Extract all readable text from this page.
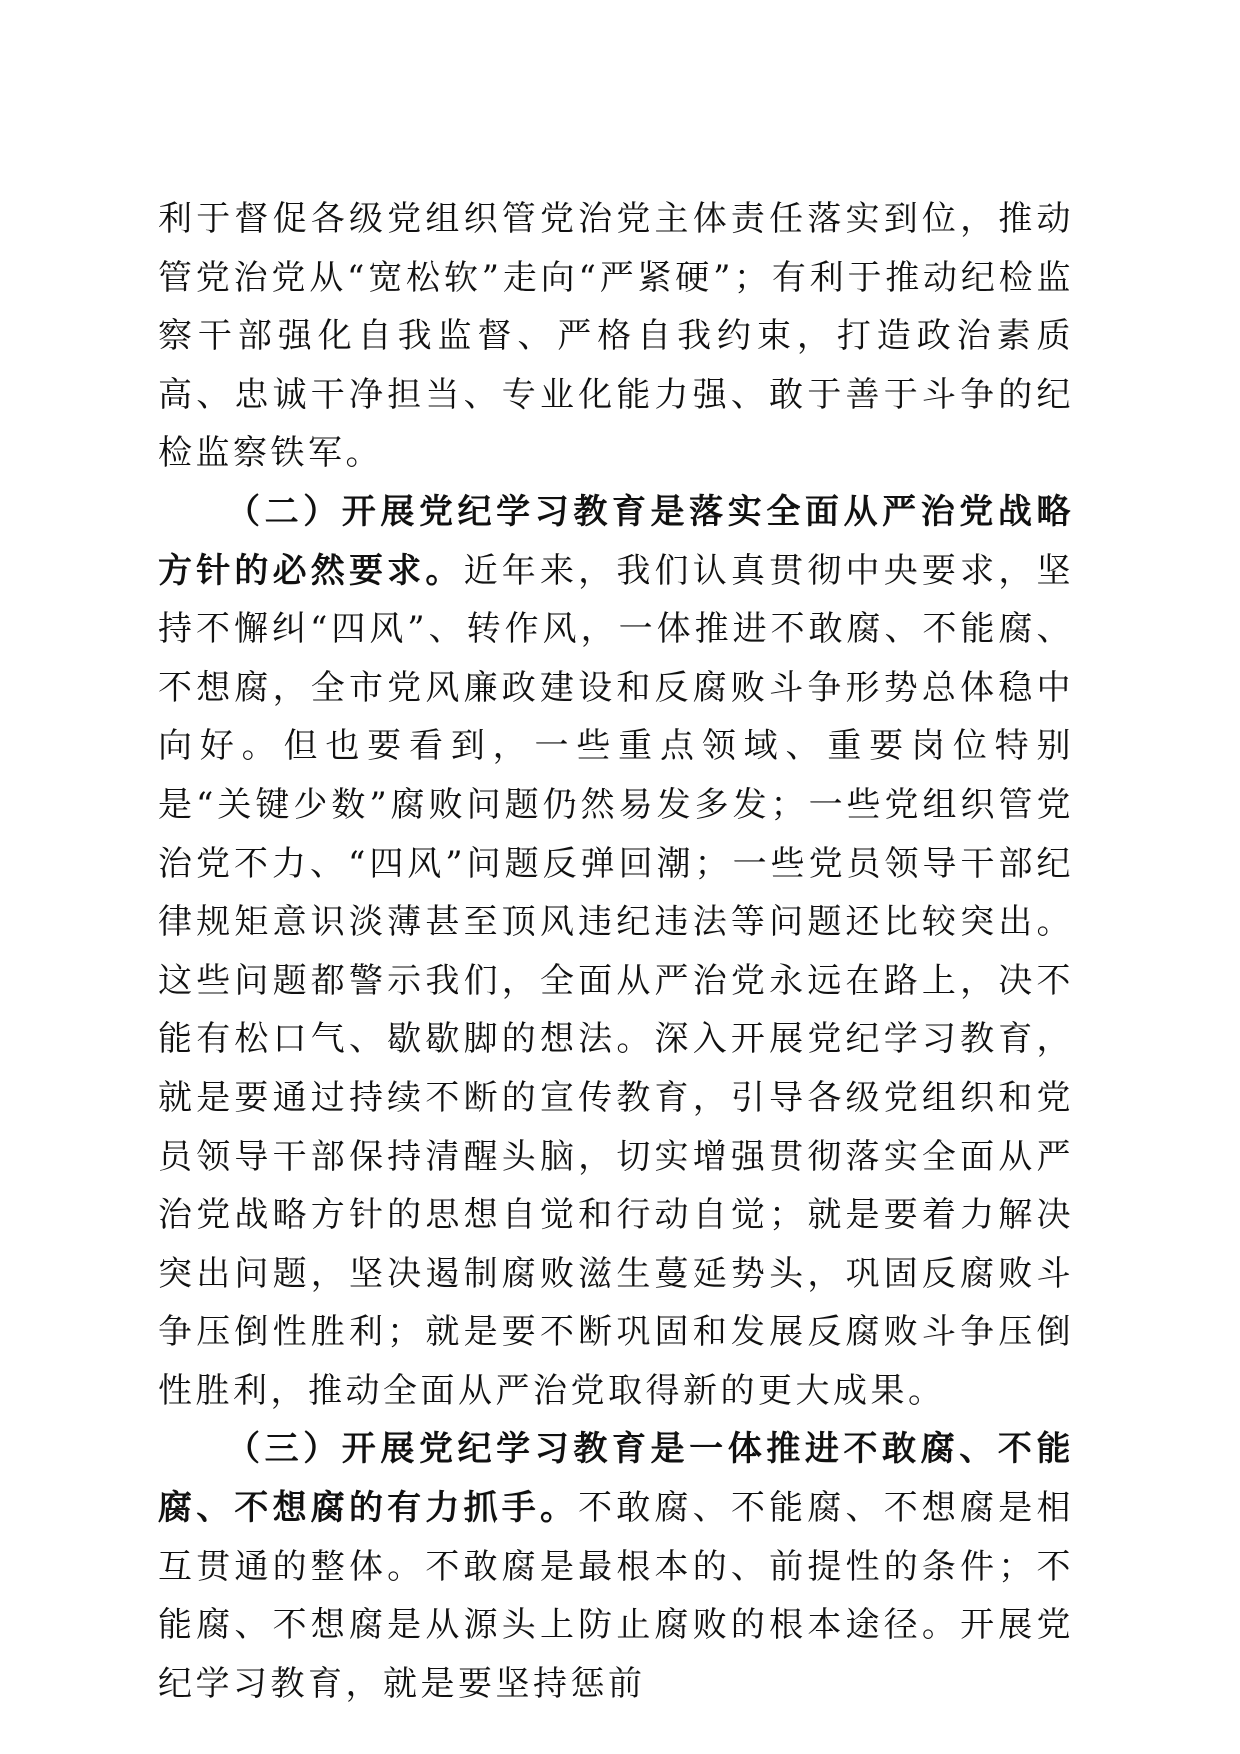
利于督促各级党组织管党治党主体责任落实到位，推动管党治党从“宽松软”走向“严紧硬”；有利于推动纪检监察干部强化自我监督、严格自我约束，打造政治素质高、忠诚干净担当、专业化能力强、敢于善于斗争的纪检监察铁军。

（二）开展党纪学习教育是落实全面从严治党战略方针的必然要求。近年来，我们认真贯彻中央要求，坚持不懈纠“四风”、转作风，一体推进不敢腐、不能腐、不想腐，全市党风廉政建设和反腐败斗争形势总体稳中向好。但也要看到，一些重点领域、重要岗位特别是“关键少数”腐败问题仍然易发多发；一些党组织管党治党不力、“四风”问题反弹回潮；一些党员领导干部纪律规矩意识淡薄甚至顶风违纪违法等问题还比较突出。这些问题都警示我们，全面从严治党永远在路上，决不能有松口气、歇歇脚的想法。深入开展党纪学习教育，就是要通过持续不断的宣传教育，引导各级党组织和党员领导干部保持清醒头脑，切实增强贯彻落实全面从严治党战略方针的思想自觉和行动自觉；就是要着力解决突出问题，坚决遏制腐败滋生蔓延势头，巩固反腐败斗争压倒性胜利；就是要不断巩固和发展反腐败斗争压倒性胜利，推动全面从严治党取得新的更大成果。

（三）开展党纪学习教育是一体推进不敢腐、不能腐、不想腐的有力抓手。不敢腐、不能腐、不想腐是相互贯通的整体。不敢腐是最根本的、前提性的条件；不能腐、不想腐是从源头上防止腐败的根本途径。开展党纪学习教育，就是要坚持惩前
